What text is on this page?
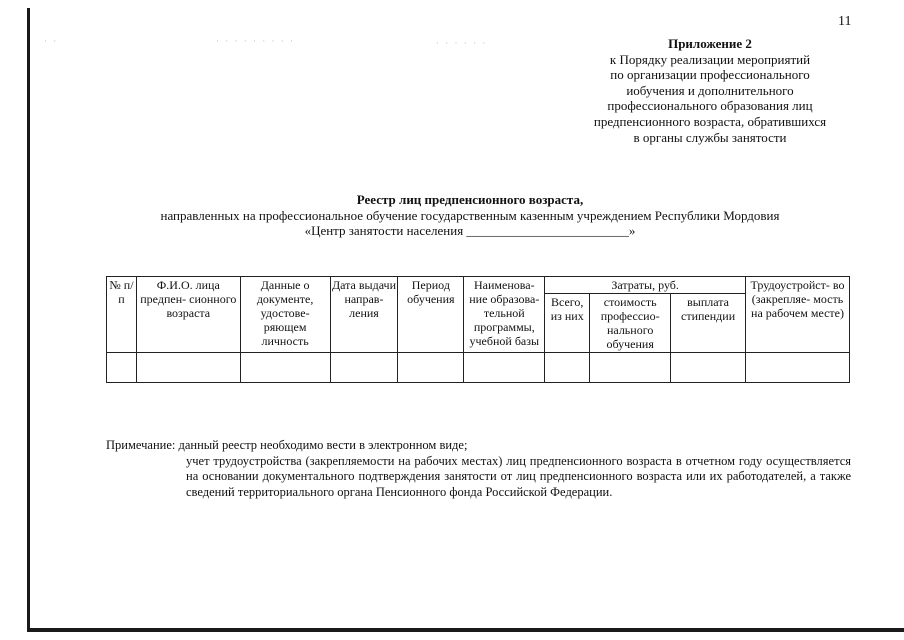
· ·	· · · · · · · · ·	· · · · · ·
11
Приложение 2
к Порядку реализации мероприятий
по организации профессионального
иобучения и дополнительного
профессионального образования лиц
предпенсионного возраста, обратившихся
в органы службы занятости
Реестр лиц предпенсионного возраста,
направленных на профессиональное обучение государственным казенным учреждением Республики Мордовия
«Центр занятости населения _________________________»
№ п/п	Ф.И.О. лица предпен- сионного возраста	Данные о документе, удостове- ряющем личность	Дата выдачи направ- ления	Период обучения	Наименова- ние образова- тельной программы, учебной базы	Затраты, руб.			Трудоустройст- во (закрепляе- мость на рабочем месте)
						Всего, из них	стоимость профессио- нального обучения	выплата стипендии	

Примечание: данный реестр необходимо вести в электронном виде;
учет трудоустройства (закрепляемости на рабочих местах) лиц предпенсионного возраста в отчетном году осуществляется на основании документального подтверждения занятости от лиц предпенсионного возраста или их работодателей, а также сведений территориального органа Пенсионного фонда Российской Федерации.
